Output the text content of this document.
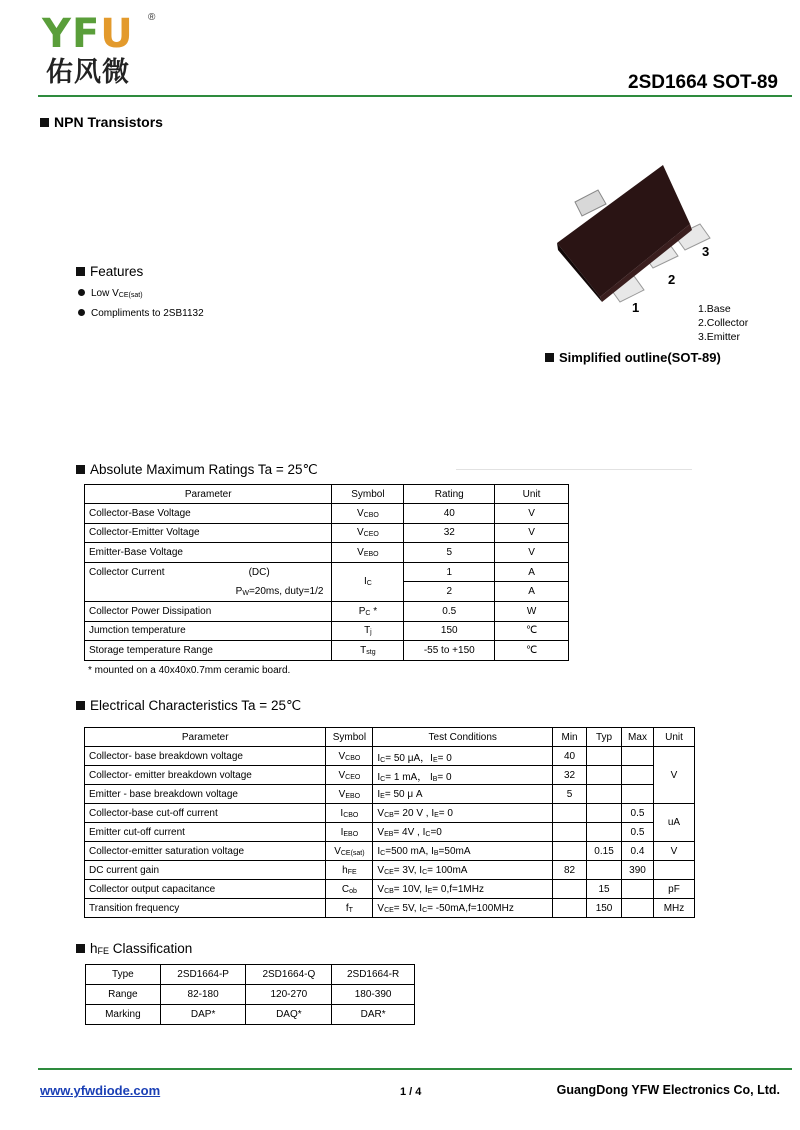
YFU ®
佑风微	2SD1664 SOT-89
NPN Transistors
Features
Low VCE(sat)
Compliments to 2SB1132	1
2
3
1.Base
2.Collector
3.Emitter
Simplified outline(SOT-89)
Absolute Maximum Ratings Ta = 25℃
Parameter	Symbol	Rating	Unit
Collector-Base Voltage	VCBO	40	V
Collector-Emitter Voltage	VCEO	32	V
Emitter-Base Voltage	VEBO	5	V
Collector Current (DC)	IC	1	A
PW=20ms, duty=1/2		2	A
Collector Power Dissipation	PC *	0.5	W
Jumction temperature	Tj	150	℃
Storage temperature Range	Tstg	-55 to +150	℃
* mounted on a 40x40x0.7mm ceramic board.
Electrical Characteristics Ta = 25℃
Parameter	Symbol	Test Conditions	Min	Typ	Max	Unit
Collector- base breakdown voltage	VCBO	IC= 50 μA，IE= 0	40			V
Collector- emitter breakdown voltage	VCEO	IC= 1 mA， IB= 0	32			
Emitter - base breakdown voltage	VEBO	IE= 50 μ A	5			
Collector-base cut-off current	ICBO	VCB= 20 V , IE= 0			0.5	uA
Emitter cut-off current	IEBO	VEB= 4V , IC=0			0.5	
Collector-emitter saturation voltage	VCE(sat)	IC=500 mA, IB=50mA		0.15	0.4	V
DC current gain	hFE	VCE= 3V, IC= 100mA	82		390	
Collector output capacitance	Cob	VCB= 10V, IE= 0,f=1MHz		15		pF
Transition frequency	fT	VCE= 5V, IC= -50mA,f=100MHz		150		MHz
hFE Classification
Type	2SD1664-P	2SD1664-Q	2SD1664-R
Range	82-180	120-270	180-390
Marking	DAP*	DAQ*	DAR*
www.yfwdiode.com	1 / 4	GuangDong YFW Electronics Co, Ltd.
